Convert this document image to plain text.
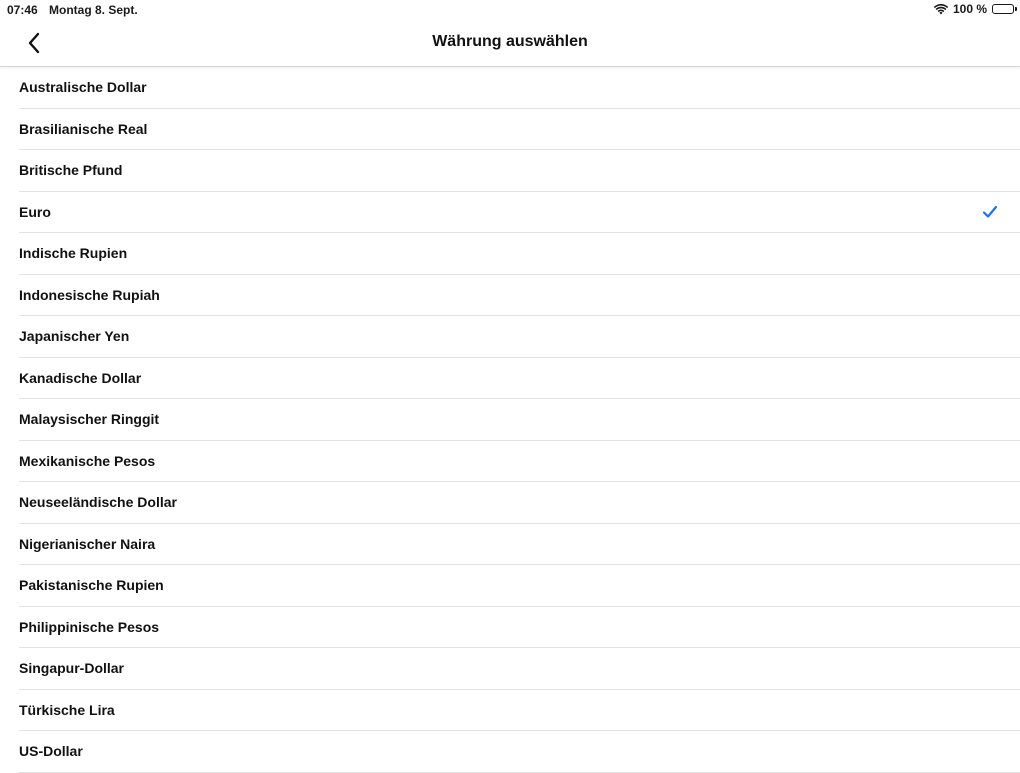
07:46 Montag 8. Sept.	100 %
Währung auswählen
Australische Dollar
Brasilianische Real
Britische Pfund
Euro
Indische Rupien
Indonesische Rupiah
Japanischer Yen
Kanadische Dollar
Malaysischer Ringgit
Mexikanische Pesos
Neuseeländische Dollar
Nigerianischer Naira
Pakistanische Rupien
Philippinische Pesos
Singapur-Dollar
Türkische Lira
US-Dollar
